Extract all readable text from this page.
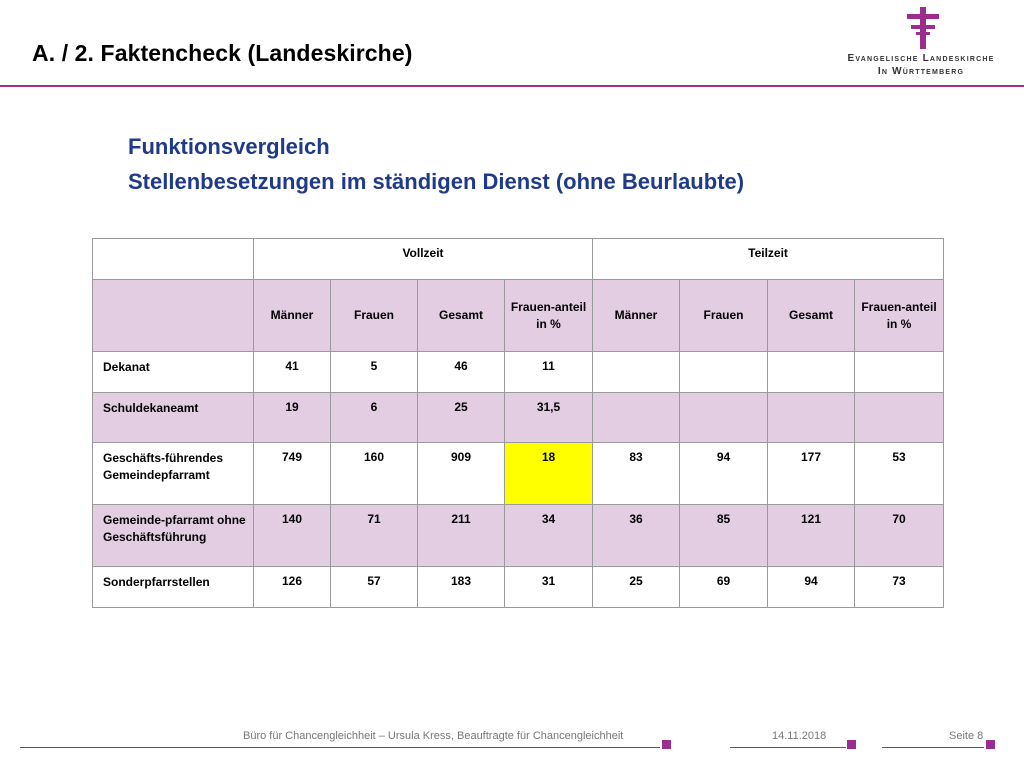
A. / 2. Faktencheck (Landeskirche)	Evangelische Landeskirche
In Württemberg
Funktionsvergleich
Stellenbesetzungen im ständigen Dienst (ohne Beurlaubte)
	Vollzeit				Teilzeit			
	Männer	Frauen	Gesamt	Frauen-anteil in %	Männer	Frauen	Gesamt	Frauen-anteil in %
Dekanat	41	5	46	11				
Schuldekaneamt	19	6	25	31,5				
Geschäfts-führendes Gemeindepfarramt	749	160	909	18	83	94	177	53
Gemeinde-pfarramt ohne Geschäftsführung	140	71	211	34	36	85	121	70
Sonderpfarrstellen	126	57	183	31	25	69	94	73
Büro für Chancengleichheit – Ursula Kress, Beauftragte für Chancengleichheit	14.11.2018	Seite 8
